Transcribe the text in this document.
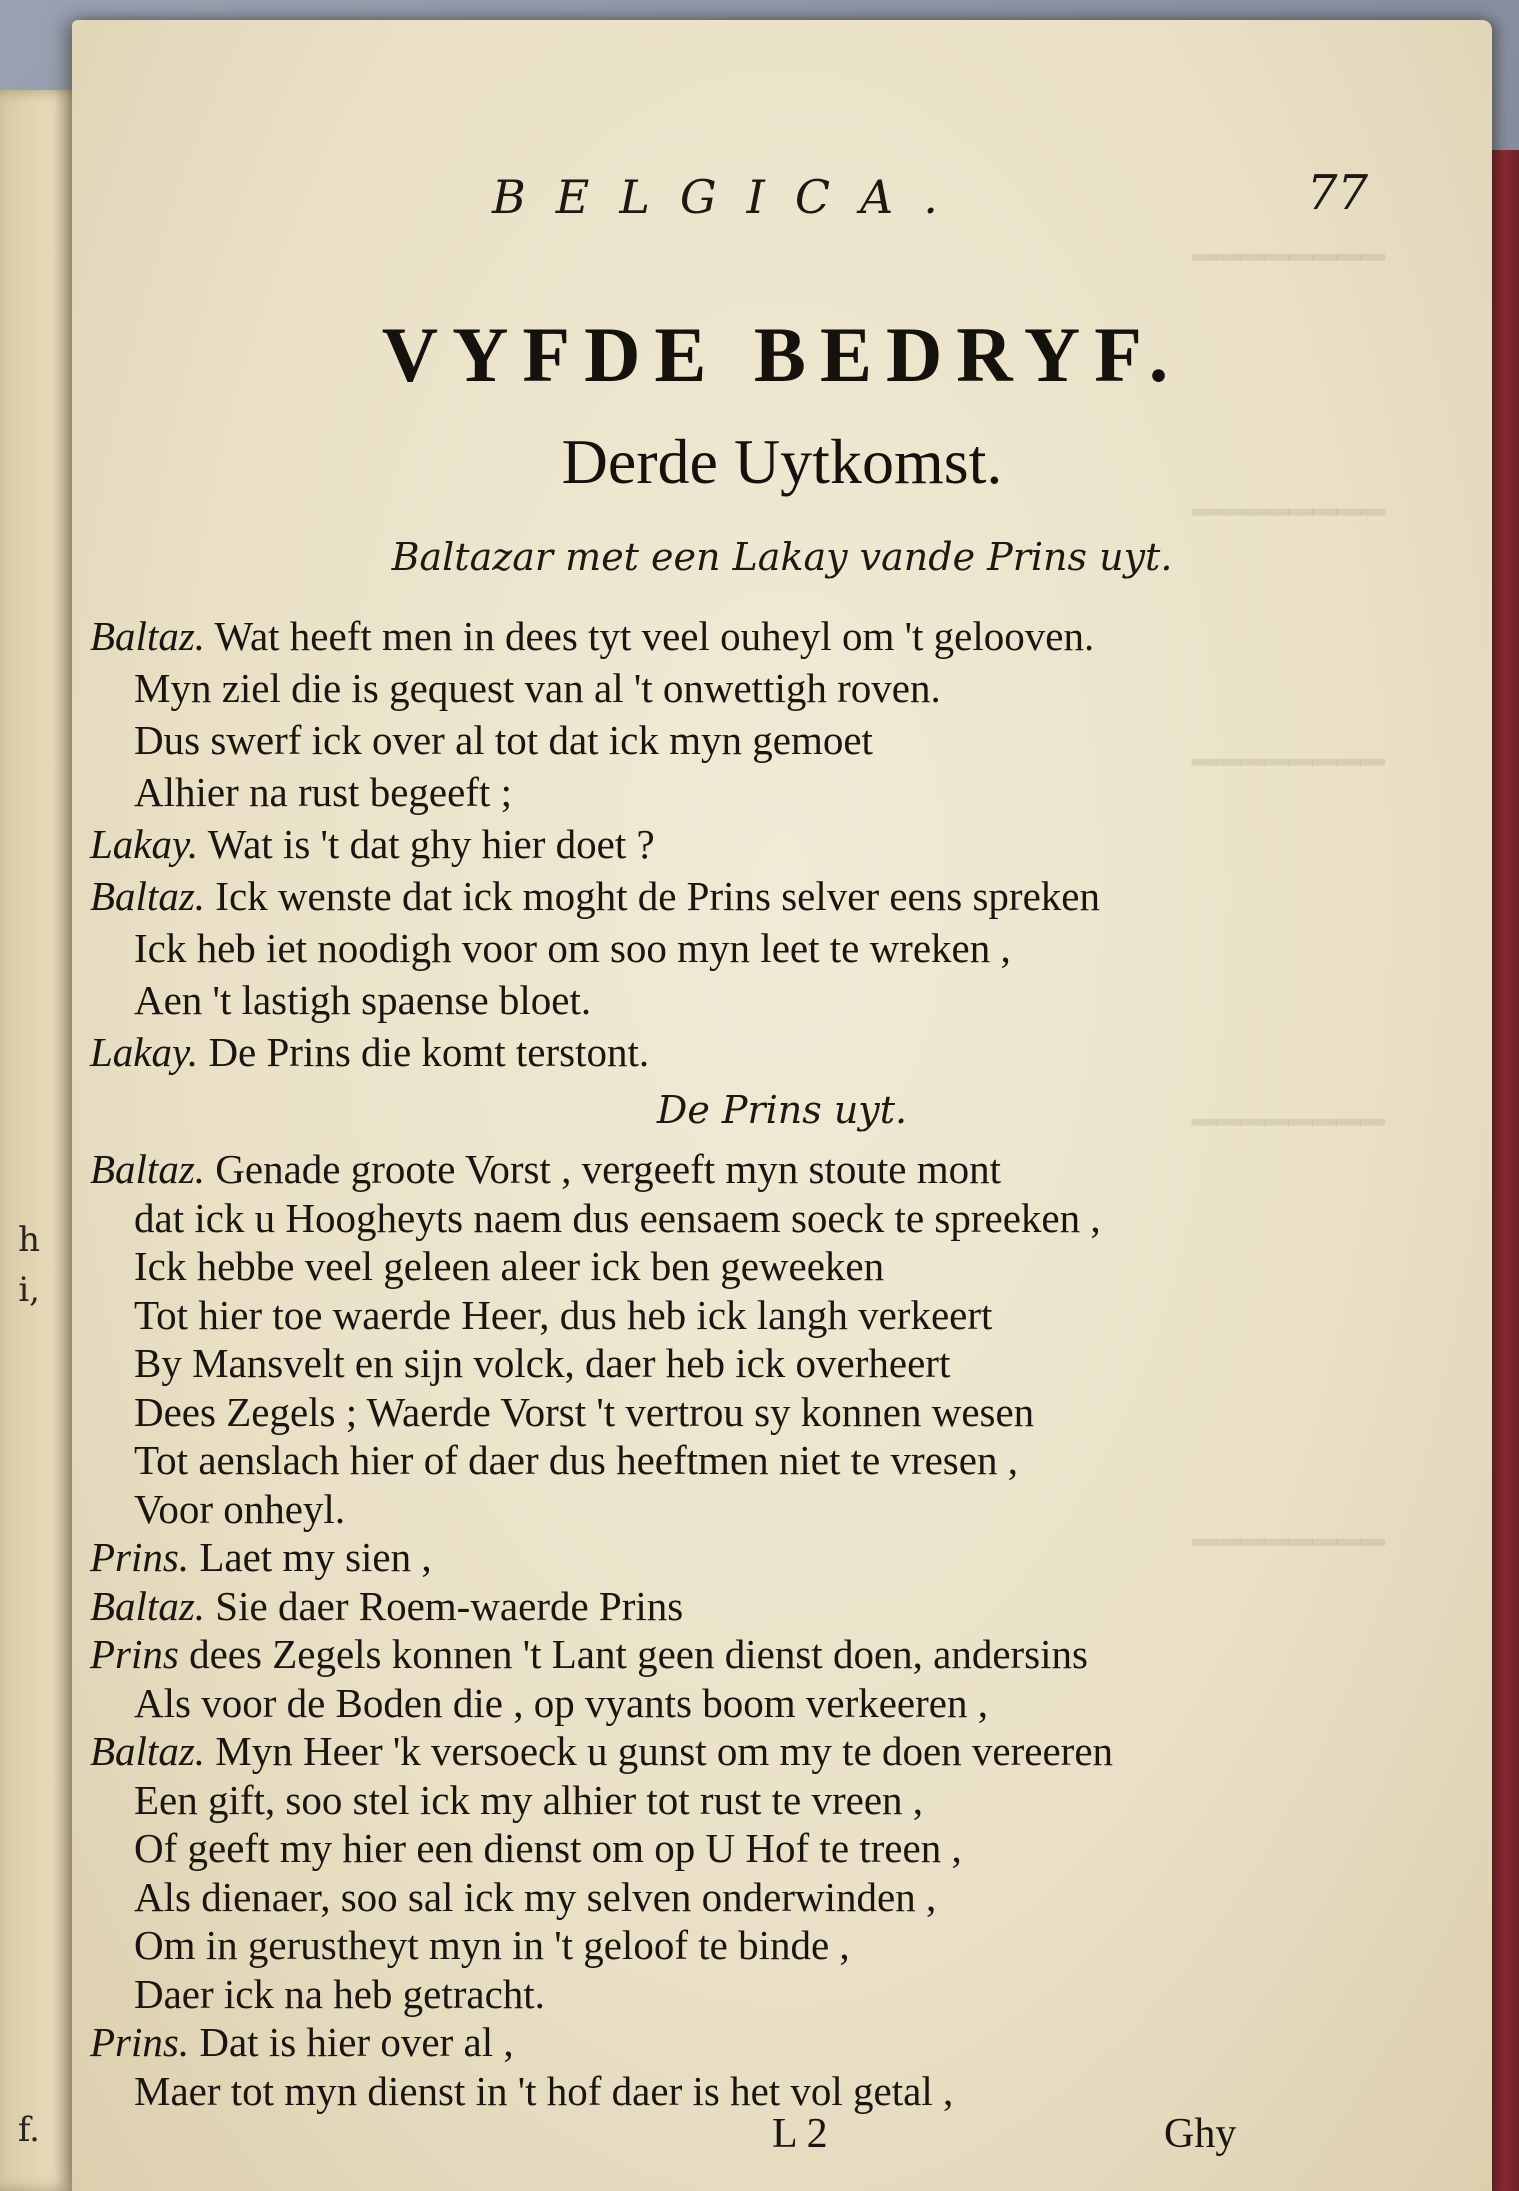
h
i,
f.
━━━━━━━━
━━━━━━━━
━━━━━━━━
━━━━━━━━
━━━━━━━━
BELGICA.	77
VYFDE BEDRYF.
Derde Uytkomst.
Baltazar met een Lakay vande Prins uyt.
Baltaz. Wat heeft men in dees tyt veel ouheyl om 't gelooven.
Myn ziel die is gequest van al 't onwettigh roven.
Dus swerf ick over al tot dat ick myn gemoet
Alhier na rust begeeft ;
Lakay. Wat is 't dat ghy hier doet ?
Baltaz. Ick wenste dat ick moght de Prins selver eens spreken
Ick heb iet noodigh voor om soo myn leet te wreken ,
Aen 't lastigh spaense bloet.
Lakay. De Prins die komt terstont.
De Prins uyt.
Baltaz. Genade groote Vorst , vergeeft myn stoute mont
dat ick u Hoogheyts naem dus eensaem soeck te spreeken ,
Ick hebbe veel geleen aleer ick ben geweeken
Tot hier toe waerde Heer, dus heb ick langh verkeert
By Mansvelt en sijn volck, daer heb ick overheert
Dees Zegels ; Waerde Vorst 't vertrou sy konnen wesen
Tot aenslach hier of daer dus heeftmen niet te vresen ,
Voor onheyl.
Prins. Laet my sien ,
Baltaz. Sie daer Roem-waerde Prins
Prins dees Zegels konnen 't Lant geen dienst doen, andersins
Als voor de Boden die , op vyants boom verkeeren ,
Baltaz. Myn Heer 'k versoeck u gunst om my te doen vereeren
Een gift, soo stel ick my alhier tot rust te vreen ,
Of geeft my hier een dienst om op U Hof te treen ,
Als dienaer, soo sal ick my selven onderwinden ,
Om in gerustheyt myn in 't geloof te binde ,
Daer ick na heb getracht.
Prins. Dat is hier over al ,
Maer tot myn dienst in 't hof daer is het vol getal ,
L 2	Ghy
